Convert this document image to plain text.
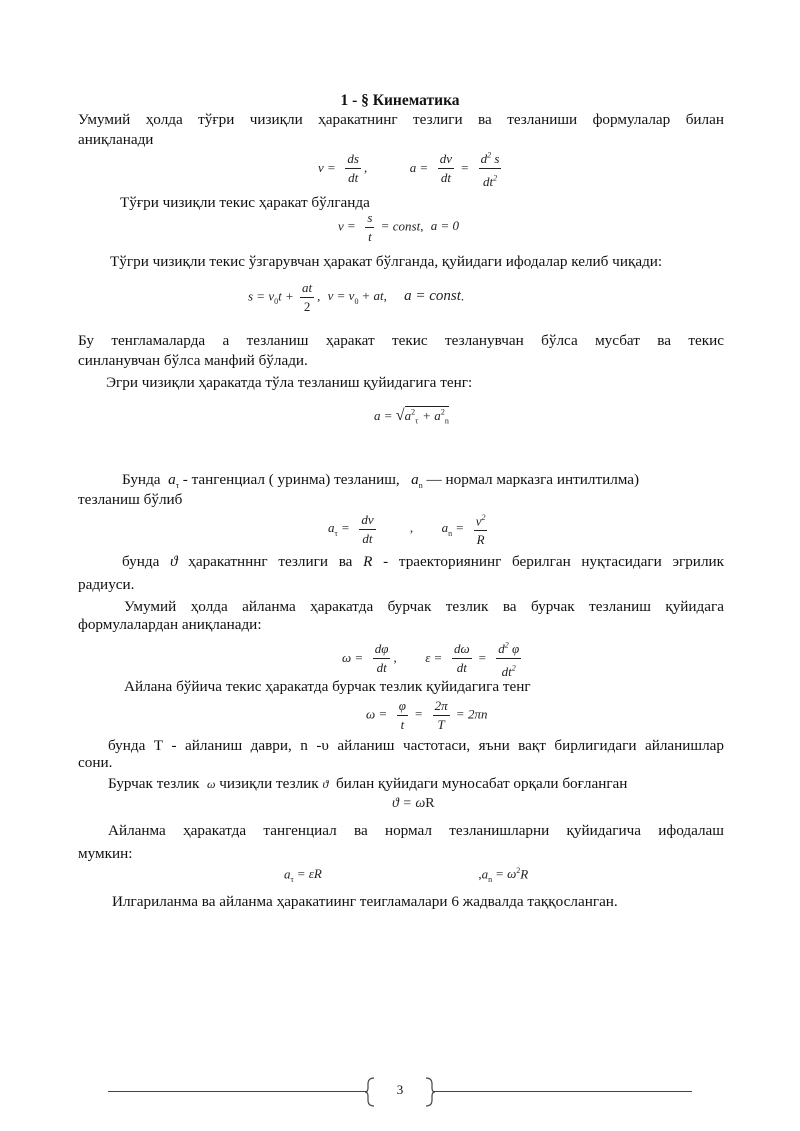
1 - § Кинематика
Умумий ҳолда тўғри чизиқли ҳаракатнинг тезлиги ва тезланиши формулалар билан
аниқланади
$v = \frac{ds}{dt}$ ,	$a = \frac{dv}{dt} = \frac{d^2 s}{dt^2}$
Тўғри чизиқли текис ҳаракат бўлганда
$v = \frac{s}{t}$ = const, a = 0
Тўгри чизиқли текис ўзгарувчан ҳаракат бўлганда, қуйидаги ифодалар келиб чиқади:
$s = v_0t + \frac{at}{2}$ , $v = v_0$ + at, a = const.
Бу тенгламаларда a тезланиш ҳаракат текис тезланувчан бўлса мусбат ва текис
синланувчан бўлса манфий бўлади.
Эгри чизиқли ҳаракатда тўла тезланиш қуйидагига тенг:
$a = √a^2_\tau + a^2_n$
Бунда $a_\tau$ - тангенциал ( уринма) тезланиш, $a_n$ — нормал марказга интилтилма)
тезланиш бўлиб
$a_\tau = \frac{dv}{dt}$	,  $a_n = \frac{v^2}{R}$
бунда ϑ ҳаракатнннг тезлиги ва R - траекториянинг берилган нуқтасидаги эгрилик
радиуси.
Умумий ҳолда айланма ҳаракатда бурчак тезлик ва бурчак тезланиш қуйидага
формулалардан аниқланади:
$\omega = \frac{d\varphi}{dt}$ ,  $\varepsilon = \frac{d\omega}{dt} = \frac{d^2 \varphi}{dt^2}$
Айлана бўйича текис ҳаракатда бурчак тезлик қуйидагига тенг
$\omega = \frac{\varphi}{t} = \frac{2\pi}{T} = 2\pi n$
бунда Т - айланиш даври, n -υ айланиш частотаси, яъни вақт бирлигидаги айланишлар
сони.
Бурчак тезлик ω чизиқли тезлик ϑ билан қуйидаги муносабат орқали боғланган
ϑ = ωR
Айланма ҳаракатда тангенциал ва нормал тезланишларни қуйидагича ифодалаш
мумкин:
$a_\tau = \varepsilon R$	$,a_n = \omega^2R$
Илгариланма ва айланма ҳаракатиинг теигламалари 6 жадвалда таққосланган.
3
